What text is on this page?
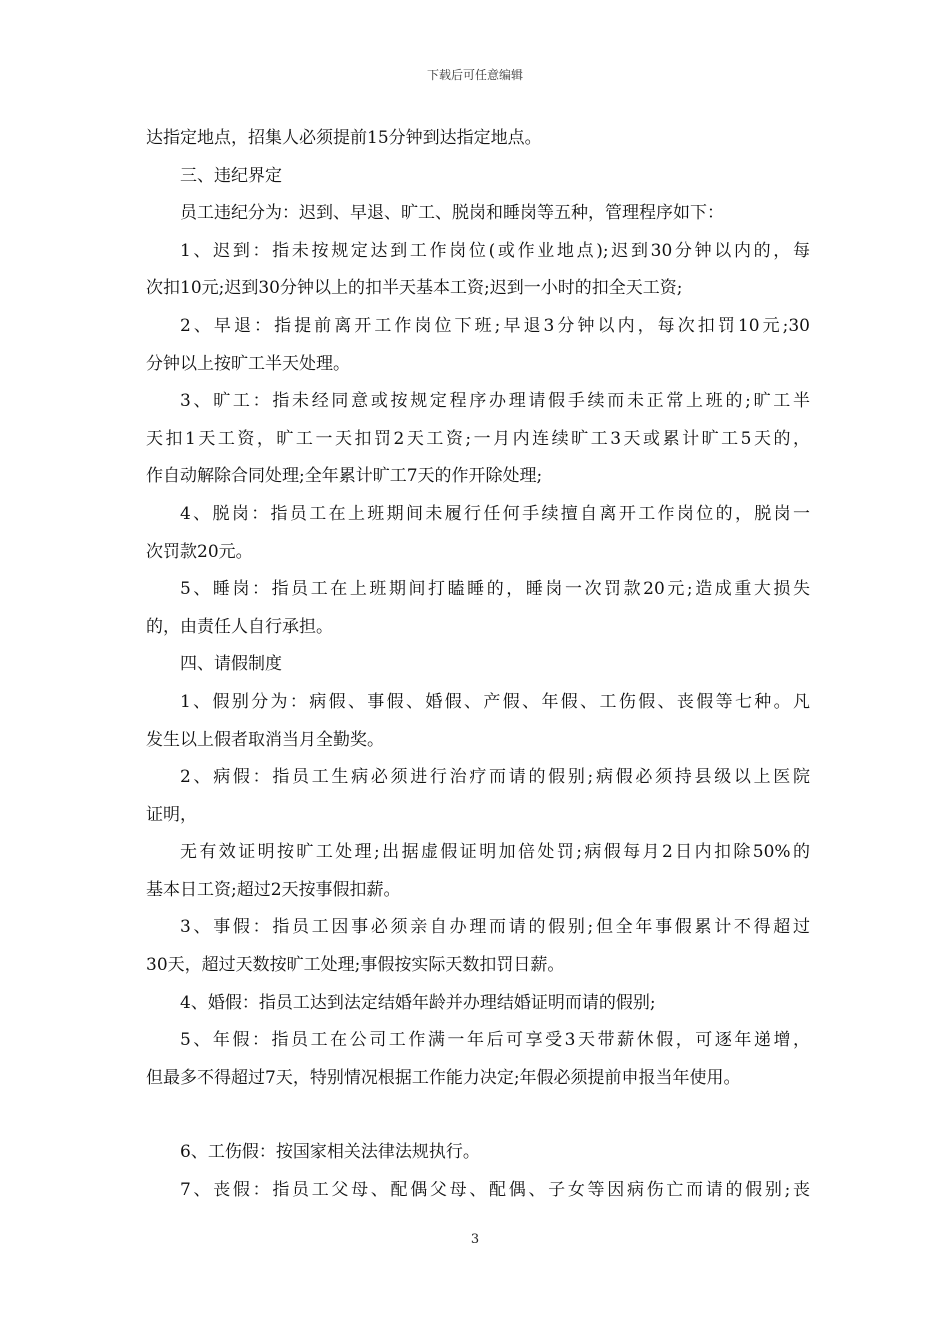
下载后可任意编辑
达指定地点，招集人必须提前15分钟到达指定地点。
三、违纪界定
员工违纪分为：迟到、早退、旷工、脱岗和睡岗等五种，管理程序如下：
1、迟到：指未按规定达到工作岗位(或作业地点);迟到30分钟以内的，每
次扣10元;迟到30分钟以上的扣半天基本工资;迟到一小时的扣全天工资;
2、早退：指提前离开工作岗位下班;早退3分钟以内，每次扣罚10元;30
分钟以上按旷工半天处理。
3、旷工：指未经同意或按规定程序办理请假手续而未正常上班的;旷工半
天扣1天工资，旷工一天扣罚2天工资;一月内连续旷工3天或累计旷工5天的，
作自动解除合同处理;全年累计旷工7天的作开除处理;
4、脱岗：指员工在上班期间未履行任何手续擅自离开工作岗位的，脱岗一
次罚款20元。
5、睡岗：指员工在上班期间打瞌睡的，睡岗一次罚款20元;造成重大损失
的，由责任人自行承担。
四、请假制度
1、假别分为：病假、事假、婚假、产假、年假、工伤假、丧假等七种。凡
发生以上假者取消当月全勤奖。
2、病假：指员工生病必须进行治疗而请的假别;病假必须持县级以上医院
证明，
无有效证明按旷工处理;出据虚假证明加倍处罚;病假每月2日内扣除50%的
基本日工资;超过2天按事假扣薪。
3、事假：指员工因事必须亲自办理而请的假别;但全年事假累计不得超过
30天，超过天数按旷工处理;事假按实际天数扣罚日薪。
4、婚假：指员工达到法定结婚年龄并办理结婚证明而请的假别;
5、年假：指员工在公司工作满一年后可享受3天带薪休假，可逐年递增，
但最多不得超过7天，特别情况根据工作能力决定;年假必须提前申报当年使用。
6、工伤假：按国家相关法律法规执行。
7、丧假：指员工父母、配偶父母、配偶、子女等因病伤亡而请的假别;丧
3
